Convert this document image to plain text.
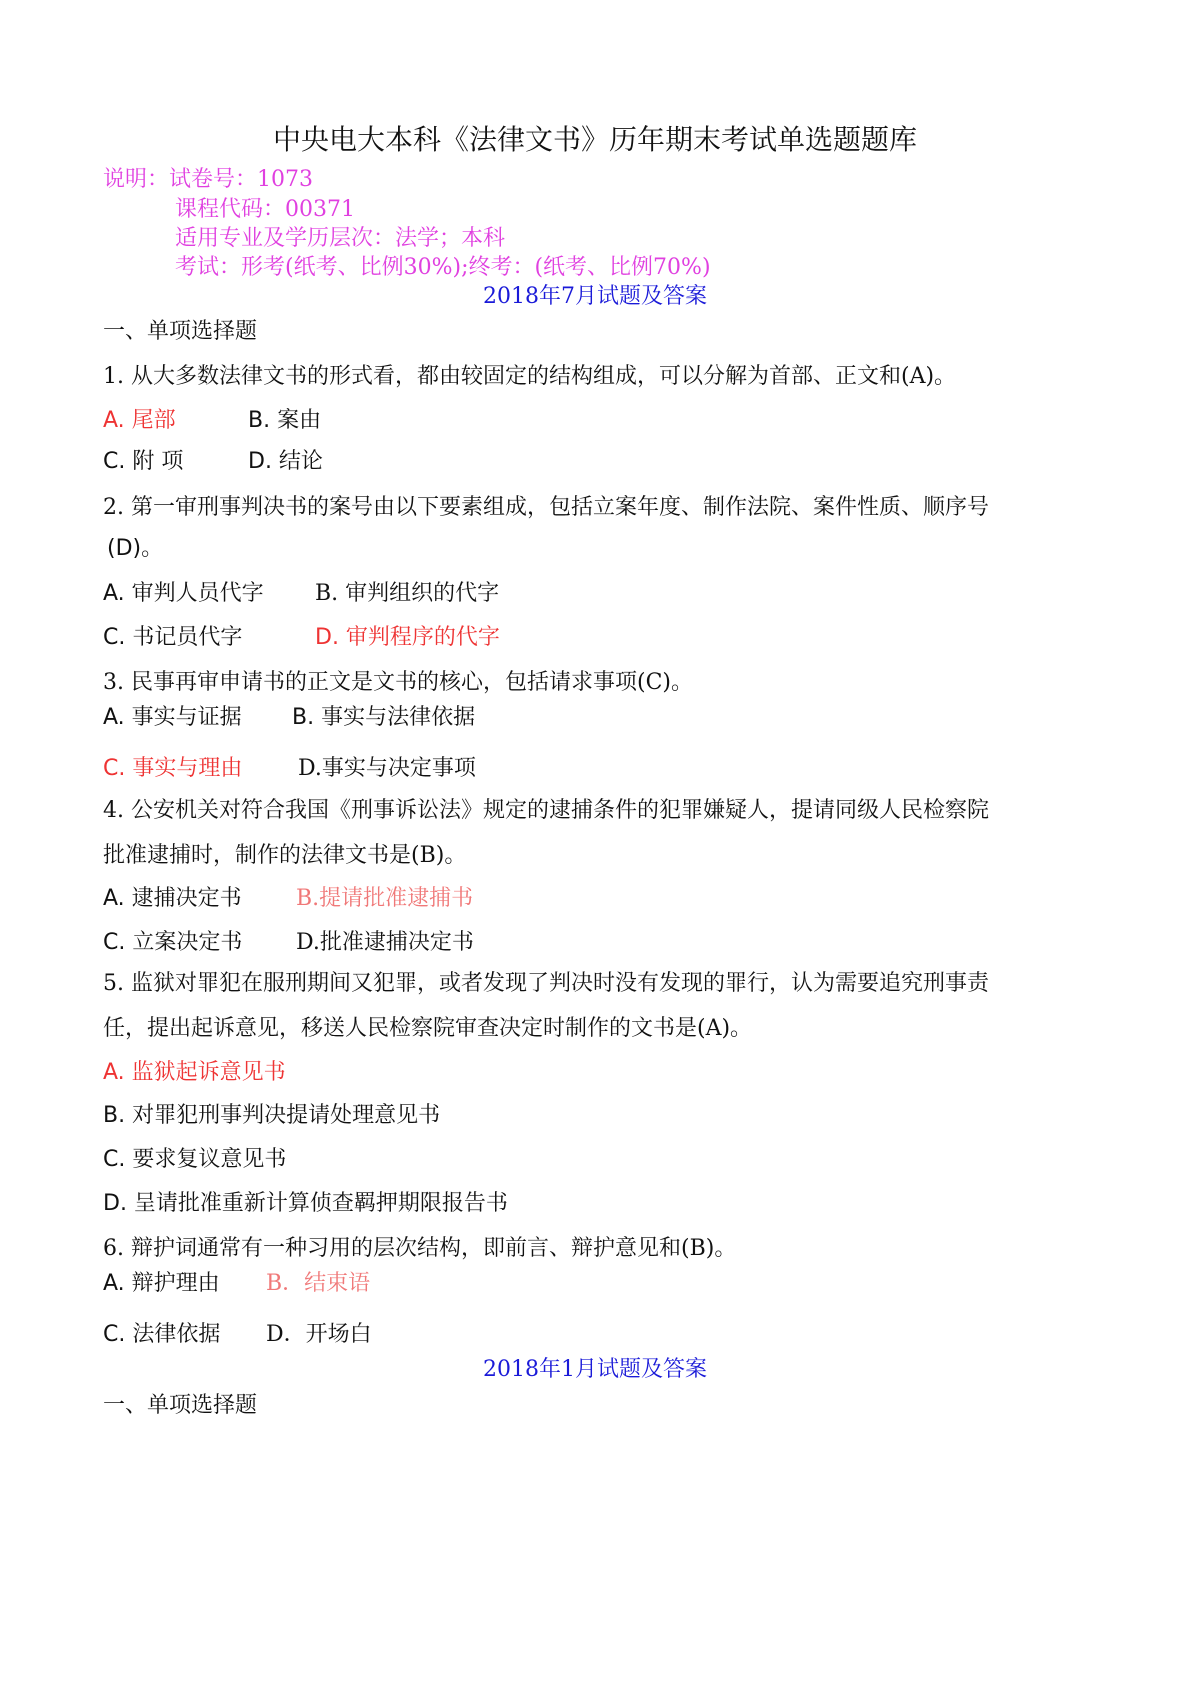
中央电大本科《法律文书》历年期末考试单选题题库
说明：试卷号：1073
课程代码：00371
适用专业及学历层次：法学；本科
考试：形考(纸考、比例30%);终考：(纸考、比例70%)
2018年7月试题及答案
一、单项选择题
1. 从大多数法律文书的形式看，都由较固定的结构组成，可以分解为首部、正文和(A)。
A. 尾部	B. 案由
C. 附 项	D. 结论
2. 第一审刑事判决书的案号由以下要素组成，包括立案年度、制作法院、案件性质、顺序号
(D)。
A. 审判人员代字 B. 审判组织的代字
C. 书记员代字	D. 审判程序的代字
3. 民事再审申请书的正文是文书的核心，包括请求事项(C)。
A. 事实与证据 B. 事实与法律依据
C. 事实与理由	D.事实与决定事项
4. 公安机关对符合我国《刑事诉讼法》规定的逮捕条件的犯罪嫌疑人，提请同级人民检察院
批准逮捕时，制作的法律文书是(B)。
A. 逮捕决定书 B.提请批准逮捕书
C. 立案决定书 D.批准逮捕决定书
5. 监狱对罪犯在服刑期间又犯罪，或者发现了判决时没有发现的罪行，认为需要追究刑事责
任，提出起诉意见，移送人民检察院审查决定时制作的文书是(A)。
A. 监狱起诉意见书
B. 对罪犯刑事判决提请处理意见书
C. 要求复议意见书
D. 呈请批准重新计算侦查羁押期限报告书
6. 辩护词通常有一种习用的层次结构，即前言、辩护意见和(B)。
A. 辩护理由 B．结束语
C. 法律依据 D．开场白
2018年1月试题及答案
一、单项选择题
